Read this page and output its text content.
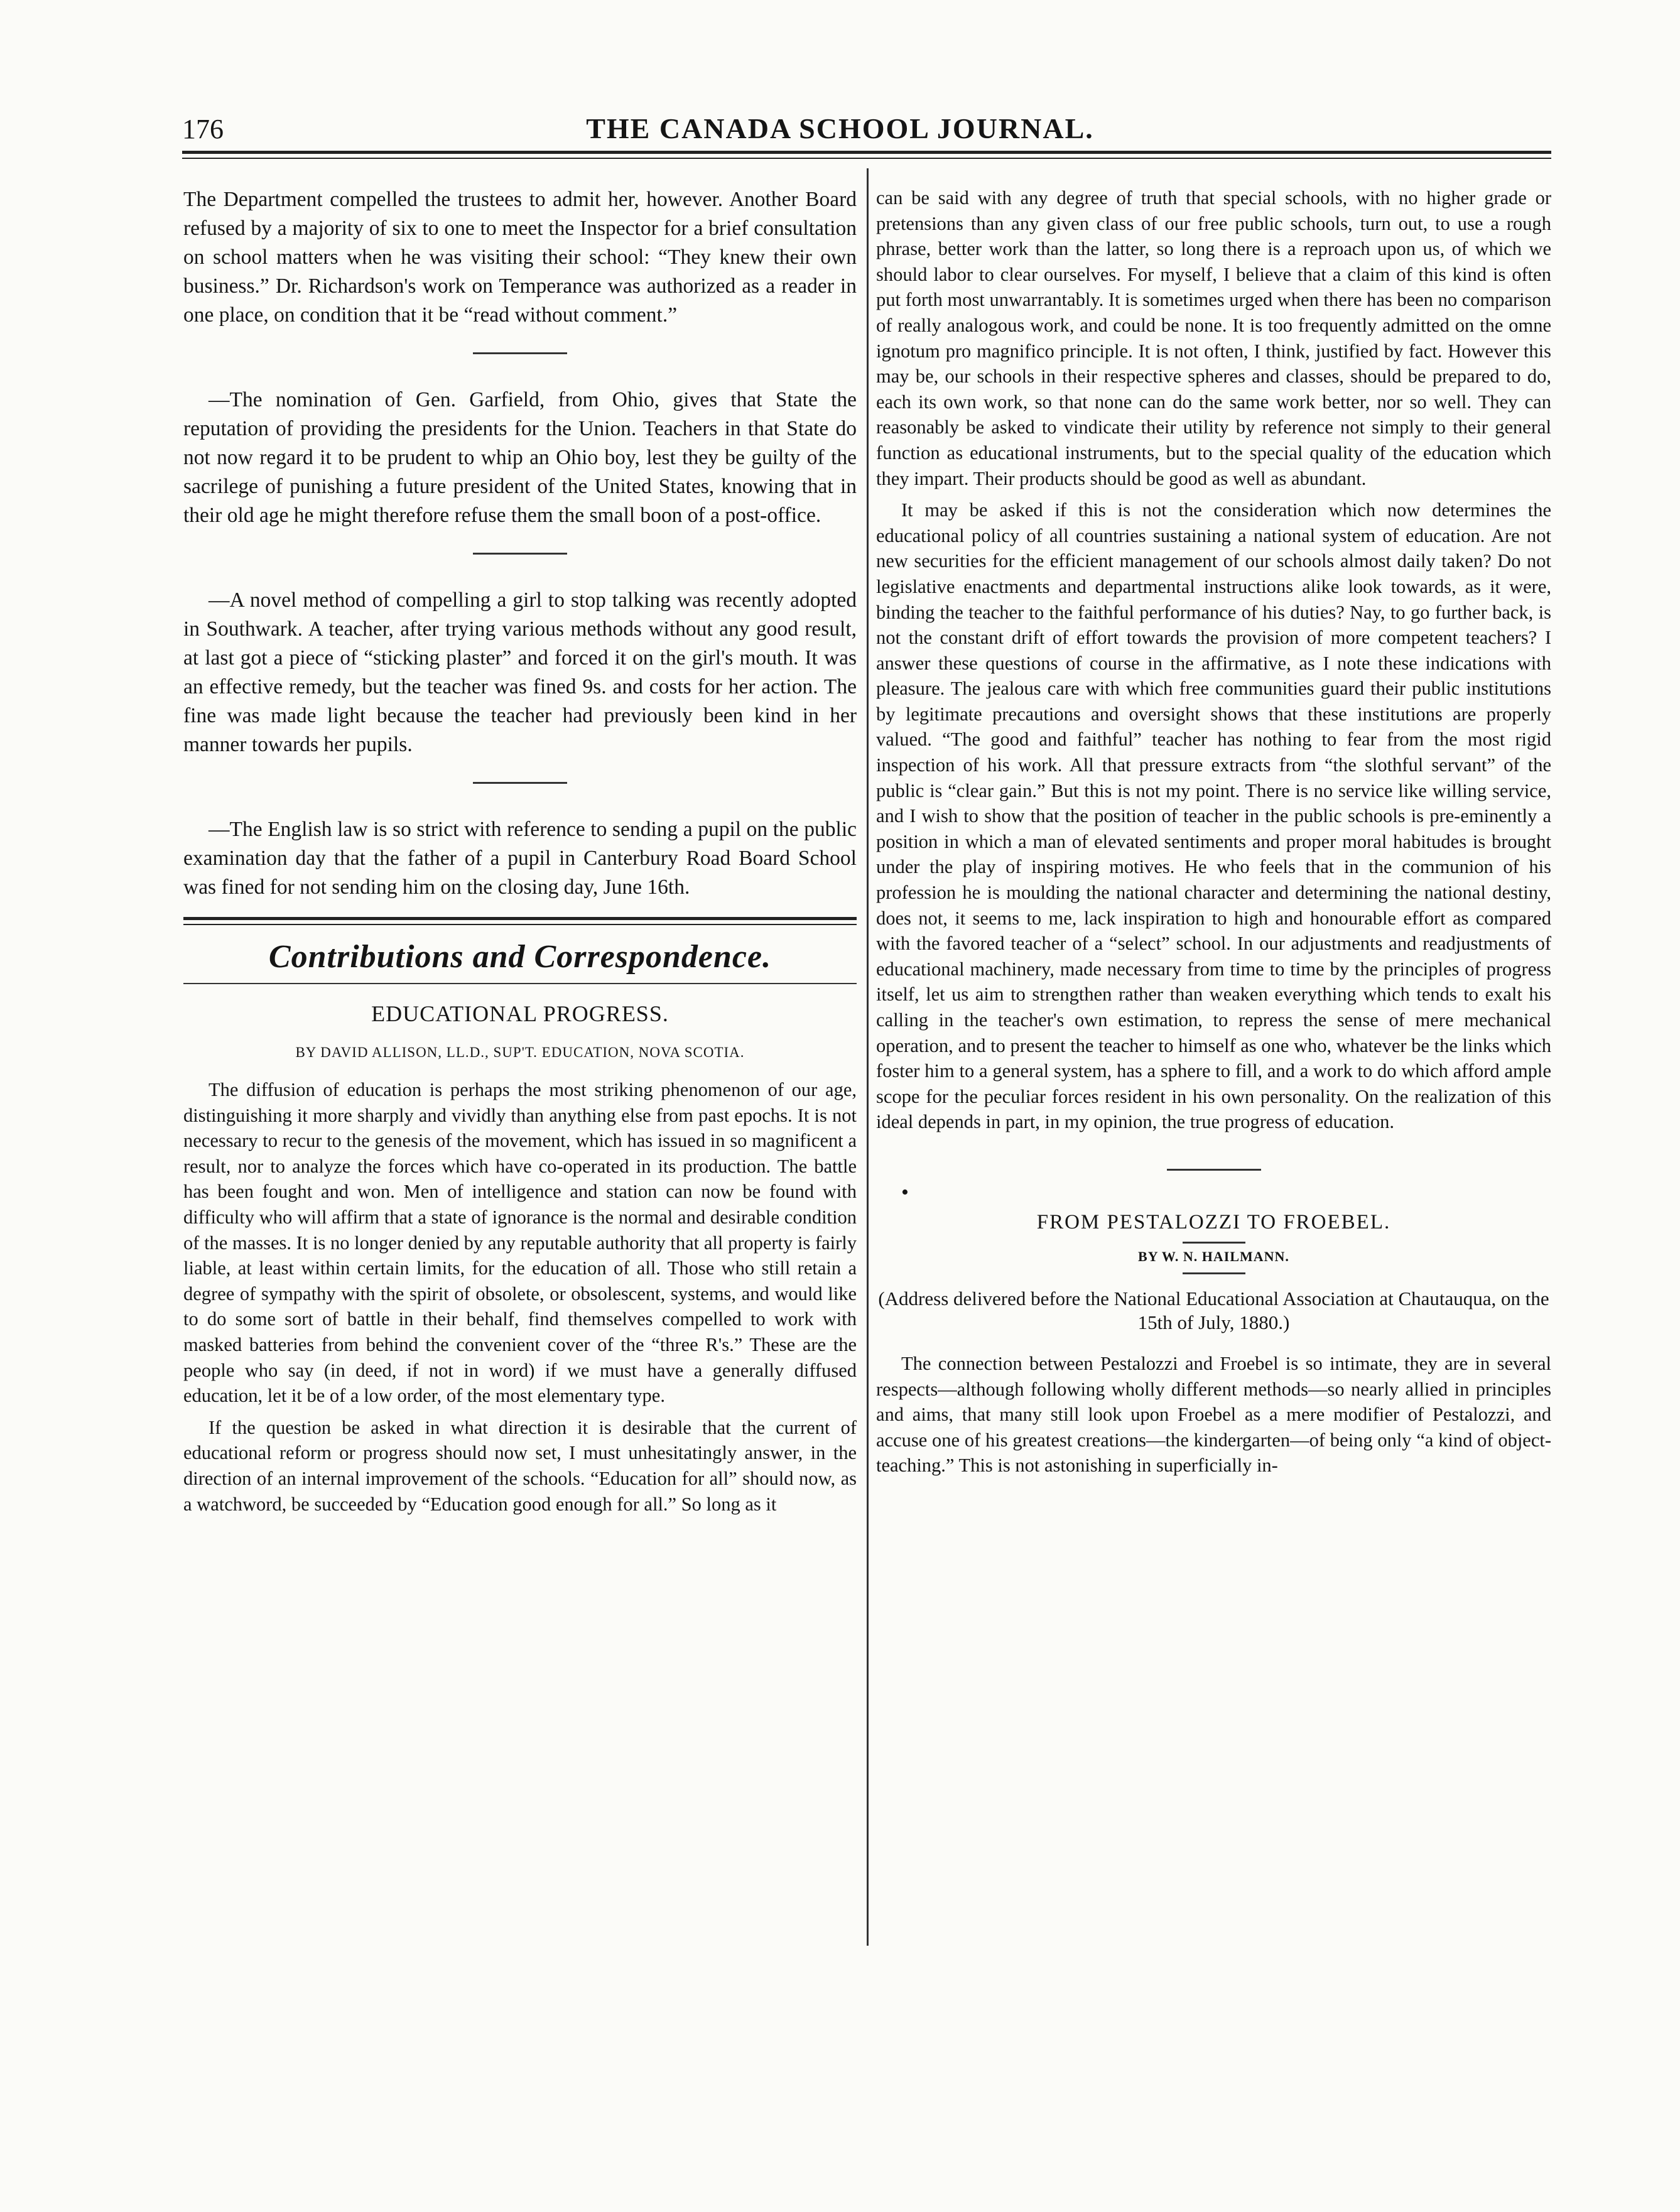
176	THE CANADA SCHOOL JOURNAL.

The Department compelled the trustees to admit her, however. Another Board refused by a majority of six to one to meet the Inspector for a brief consultation on school matters when he was visiting their school: “They knew their own business.” Dr. Richardson's work on Temperance was authorized as a reader in one place, on condition that it be “read without comment.”

—The nomination of Gen. Garfield, from Ohio, gives that State the reputation of providing the presidents for the Union. Teachers in that State do not now regard it to be prudent to whip an Ohio boy, lest they be guilty of the sacrilege of punishing a future president of the United States, knowing that in their old age he might therefore refuse them the small boon of a post-office.

—A novel method of compelling a girl to stop talking was recently adopted in Southwark. A teacher, after trying various methods without any good result, at last got a piece of “sticking plaster” and forced it on the girl's mouth. It was an effective remedy, but the teacher was fined 9s. and costs for her action. The fine was made light because the teacher had previously been kind in her manner towards her pupils.

—The English law is so strict with reference to sending a pupil on the public examination day that the father of a pupil in Canterbury Road Board School was fined for not sending him on the closing day, June 16th.

Contributions and Correspondence.
EDUCATIONAL PROGRESS.
BY DAVID ALLISON, LL.D., SUP'T. EDUCATION, NOVA SCOTIA.

The diffusion of education is perhaps the most striking phenomenon of our age, distinguishing it more sharply and vividly than anything else from past epochs. It is not necessary to recur to the genesis of the movement, which has issued in so magnificent a result, nor to analyze the forces which have co-operated in its production. The battle has been fought and won. Men of intelligence and station can now be found with difficulty who will affirm that a state of ignorance is the normal and desirable condition of the masses. It is no longer denied by any reputable authority that all property is fairly liable, at least within certain limits, for the education of all. Those who still retain a degree of sympathy with the spirit of obsolete, or obsolescent, systems, and would like to do some sort of battle in their behalf, find themselves compelled to work with masked batteries from behind the convenient cover of the “three R's.” These are the people who say (in deed, if not in word) if we must have a generally diffused education, let it be of a low order, of the most elementary type.

If the question be asked in what direction it is desirable that the current of educational reform or progress should now set, I must unhesitatingly answer, in the direction of an internal improvement of the schools. “Education for all” should now, as a watchword, be succeeded by “Education good enough for all.” So long as it

can be said with any degree of truth that special schools, with no higher grade or pretensions than any given class of our free public schools, turn out, to use a rough phrase, better work than the latter, so long there is a reproach upon us, of which we should labor to clear ourselves. For myself, I believe that a claim of this kind is often put forth most unwarrantably. It is sometimes urged when there has been no comparison of really analogous work, and could be none. It is too frequently admitted on the omne ignotum pro magnifico principle. It is not often, I think, justified by fact. However this may be, our schools in their respective spheres and classes, should be prepared to do, each its own work, so that none can do the same work better, nor so well. They can reasonably be asked to vindicate their utility by reference not simply to their general function as educational instruments, but to the special quality of the education which they impart. Their products should be good as well as abundant.

It may be asked if this is not the consideration which now determines the educational policy of all countries sustaining a national system of education. Are not new securities for the efficient management of our schools almost daily taken? Do not legislative enactments and departmental instructions alike look towards, as it were, binding the teacher to the faithful performance of his duties? Nay, to go further back, is not the constant drift of effort towards the provision of more competent teachers? I answer these questions of course in the affirmative, as I note these indications with pleasure. The jealous care with which free communities guard their public institutions by legitimate precautions and oversight shows that these institutions are properly valued. “The good and faithful” teacher has nothing to fear from the most rigid inspection of his work. All that pressure extracts from “the slothful servant” of the public is “clear gain.” But this is not my point. There is no service like willing service, and I wish to show that the position of teacher in the public schools is pre-eminently a position in which a man of elevated sentiments and proper moral habitudes is brought under the play of inspiring motives. He who feels that in the communion of his profession he is moulding the national character and determining the national destiny, does not, it seems to me, lack inspiration to high and honourable effort as compared with the favored teacher of a “select” school. In our adjustments and readjustments of educational machinery, made necessary from time to time by the principles of progress itself, let us aim to strengthen rather than weaken everything which tends to exalt his calling in the teacher's own estimation, to repress the sense of mere mechanical operation, and to present the teacher to himself as one who, whatever be the links which foster him to a general system, has a sphere to fill, and a work to do which afford ample scope for the peculiar forces resident in his own personality. On the realization of this ideal depends in part, in my opinion, the true progress of education.

•
FROM PESTALOZZI TO FROEBEL.
BY W. N. HAILMANN.
(Address delivered before the National Educational Association at Chautauqua, on the 15th of July, 1880.)

The connection between Pestalozzi and Froebel is so intimate, they are in several respects—although following wholly different methods—so nearly allied in principles and aims, that many still look upon Froebel as a mere modifier of Pestalozzi, and accuse one of his greatest creations—the kindergarten—of being only “a kind of object-teaching.” This is not astonishing in superficially in-
